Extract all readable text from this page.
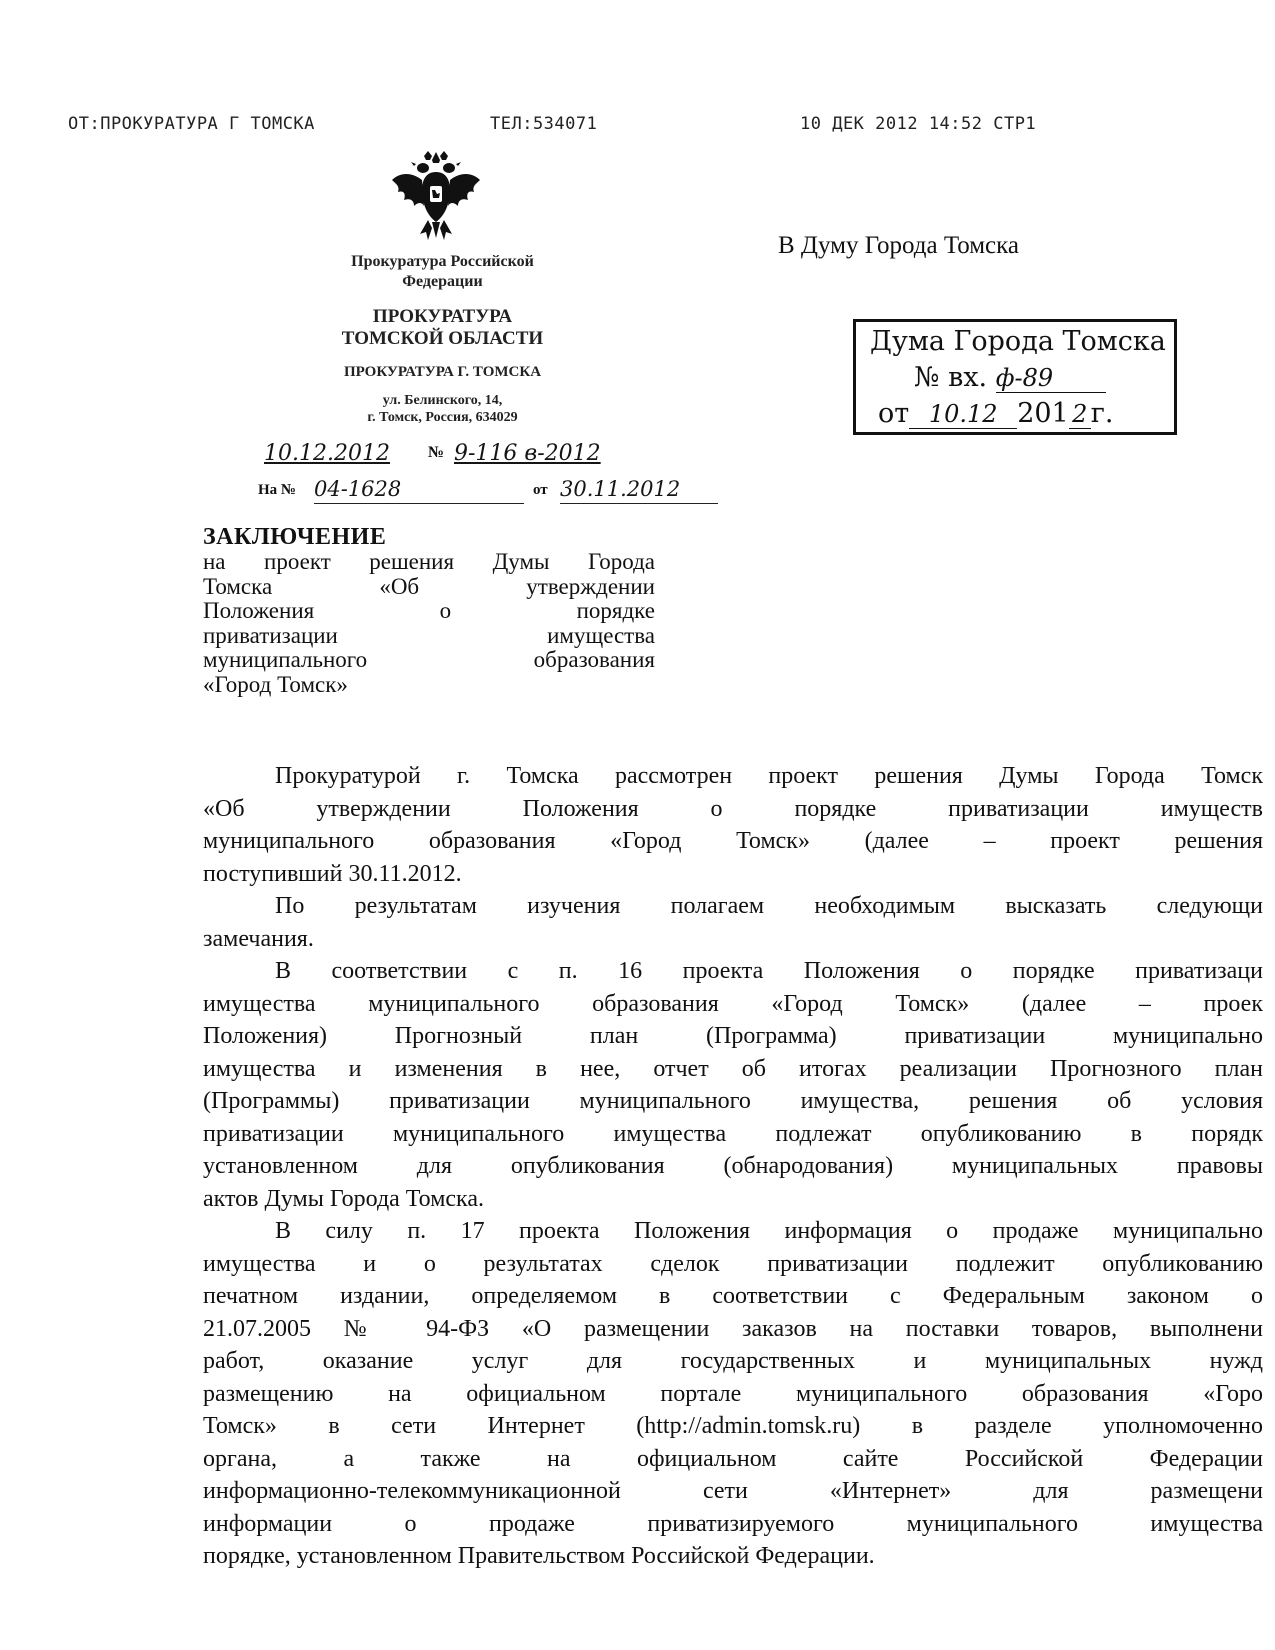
ОТ:ПРОКУРАТУРА Г ТОМСКА	ТЕЛ:534071	10 ДЕК 2012 14:52 СТР1
Прокуратура Российской
Федерации
ПРОКУРАТУРА
ТОМСКОЙ ОБЛАСТИ
ПРОКУРАТУРА Г. ТОМСКА
ул. Белинского, 14,
г. Томск, Россия, 634029
10.12.2012 № 9-116 в-2012
На № 04-1628	от 30.11.2012
В Думу Города Томска
Дума Города Томска
№ вх. ф-89
от 10.12 201 2 г.
ЗАКЛЮЧЕНИЕ
на проект решения Думы Города
Томска «Об утверждении
Положения о порядке
приватизации имущества
муниципального образования
«Город Томск»

Прокуратурой г. Томска рассмотрен проект решения Думы Города Томск
«Об утверждении Положения о порядке приватизации имуществ
муниципального образования «Город Томск» (далее – проект решения
поступивший 30.11.2012.

По результатам изучения полагаем необходимым высказать следующи
замечания.

В соответствии с п. 16 проекта Положения о порядке приватизаци
имущества муниципального образования «Город Томск» (далее – проек
Положения) Прогнозный план (Программа) приватизации муниципально
имущества и изменения в нее, отчет об итогах реализации Прогнозного план
(Программы) приватизации муниципального имущества, решения об условия
приватизации муниципального имущества подлежат опубликованию в порядк
установленном для опубликования (обнародования) муниципальных правовы
актов Думы Города Томска.

В силу п. 17 проекта Положения информация о продаже муниципально
имущества и о результатах сделок приватизации подлежит опубликованию
печатном издании, определяемом в соответствии с Федеральным законом о
21.07.2005 № 94-ФЗ «О размещении заказов на поставки товаров, выполнени
работ, оказание услуг для государственных и муниципальных нужд
размещению на официальном портале муниципального образования «Горо
Томск» в сети Интернет (http://admin.tomsk.ru) в разделе уполномоченно
органа, а также на официальном сайте Российской Федерации
информационно-телекоммуникационной сети «Интернет» для размещени
информации о продаже приватизируемого муниципального имущества
порядке, установленном Правительством Российской Федерации.
